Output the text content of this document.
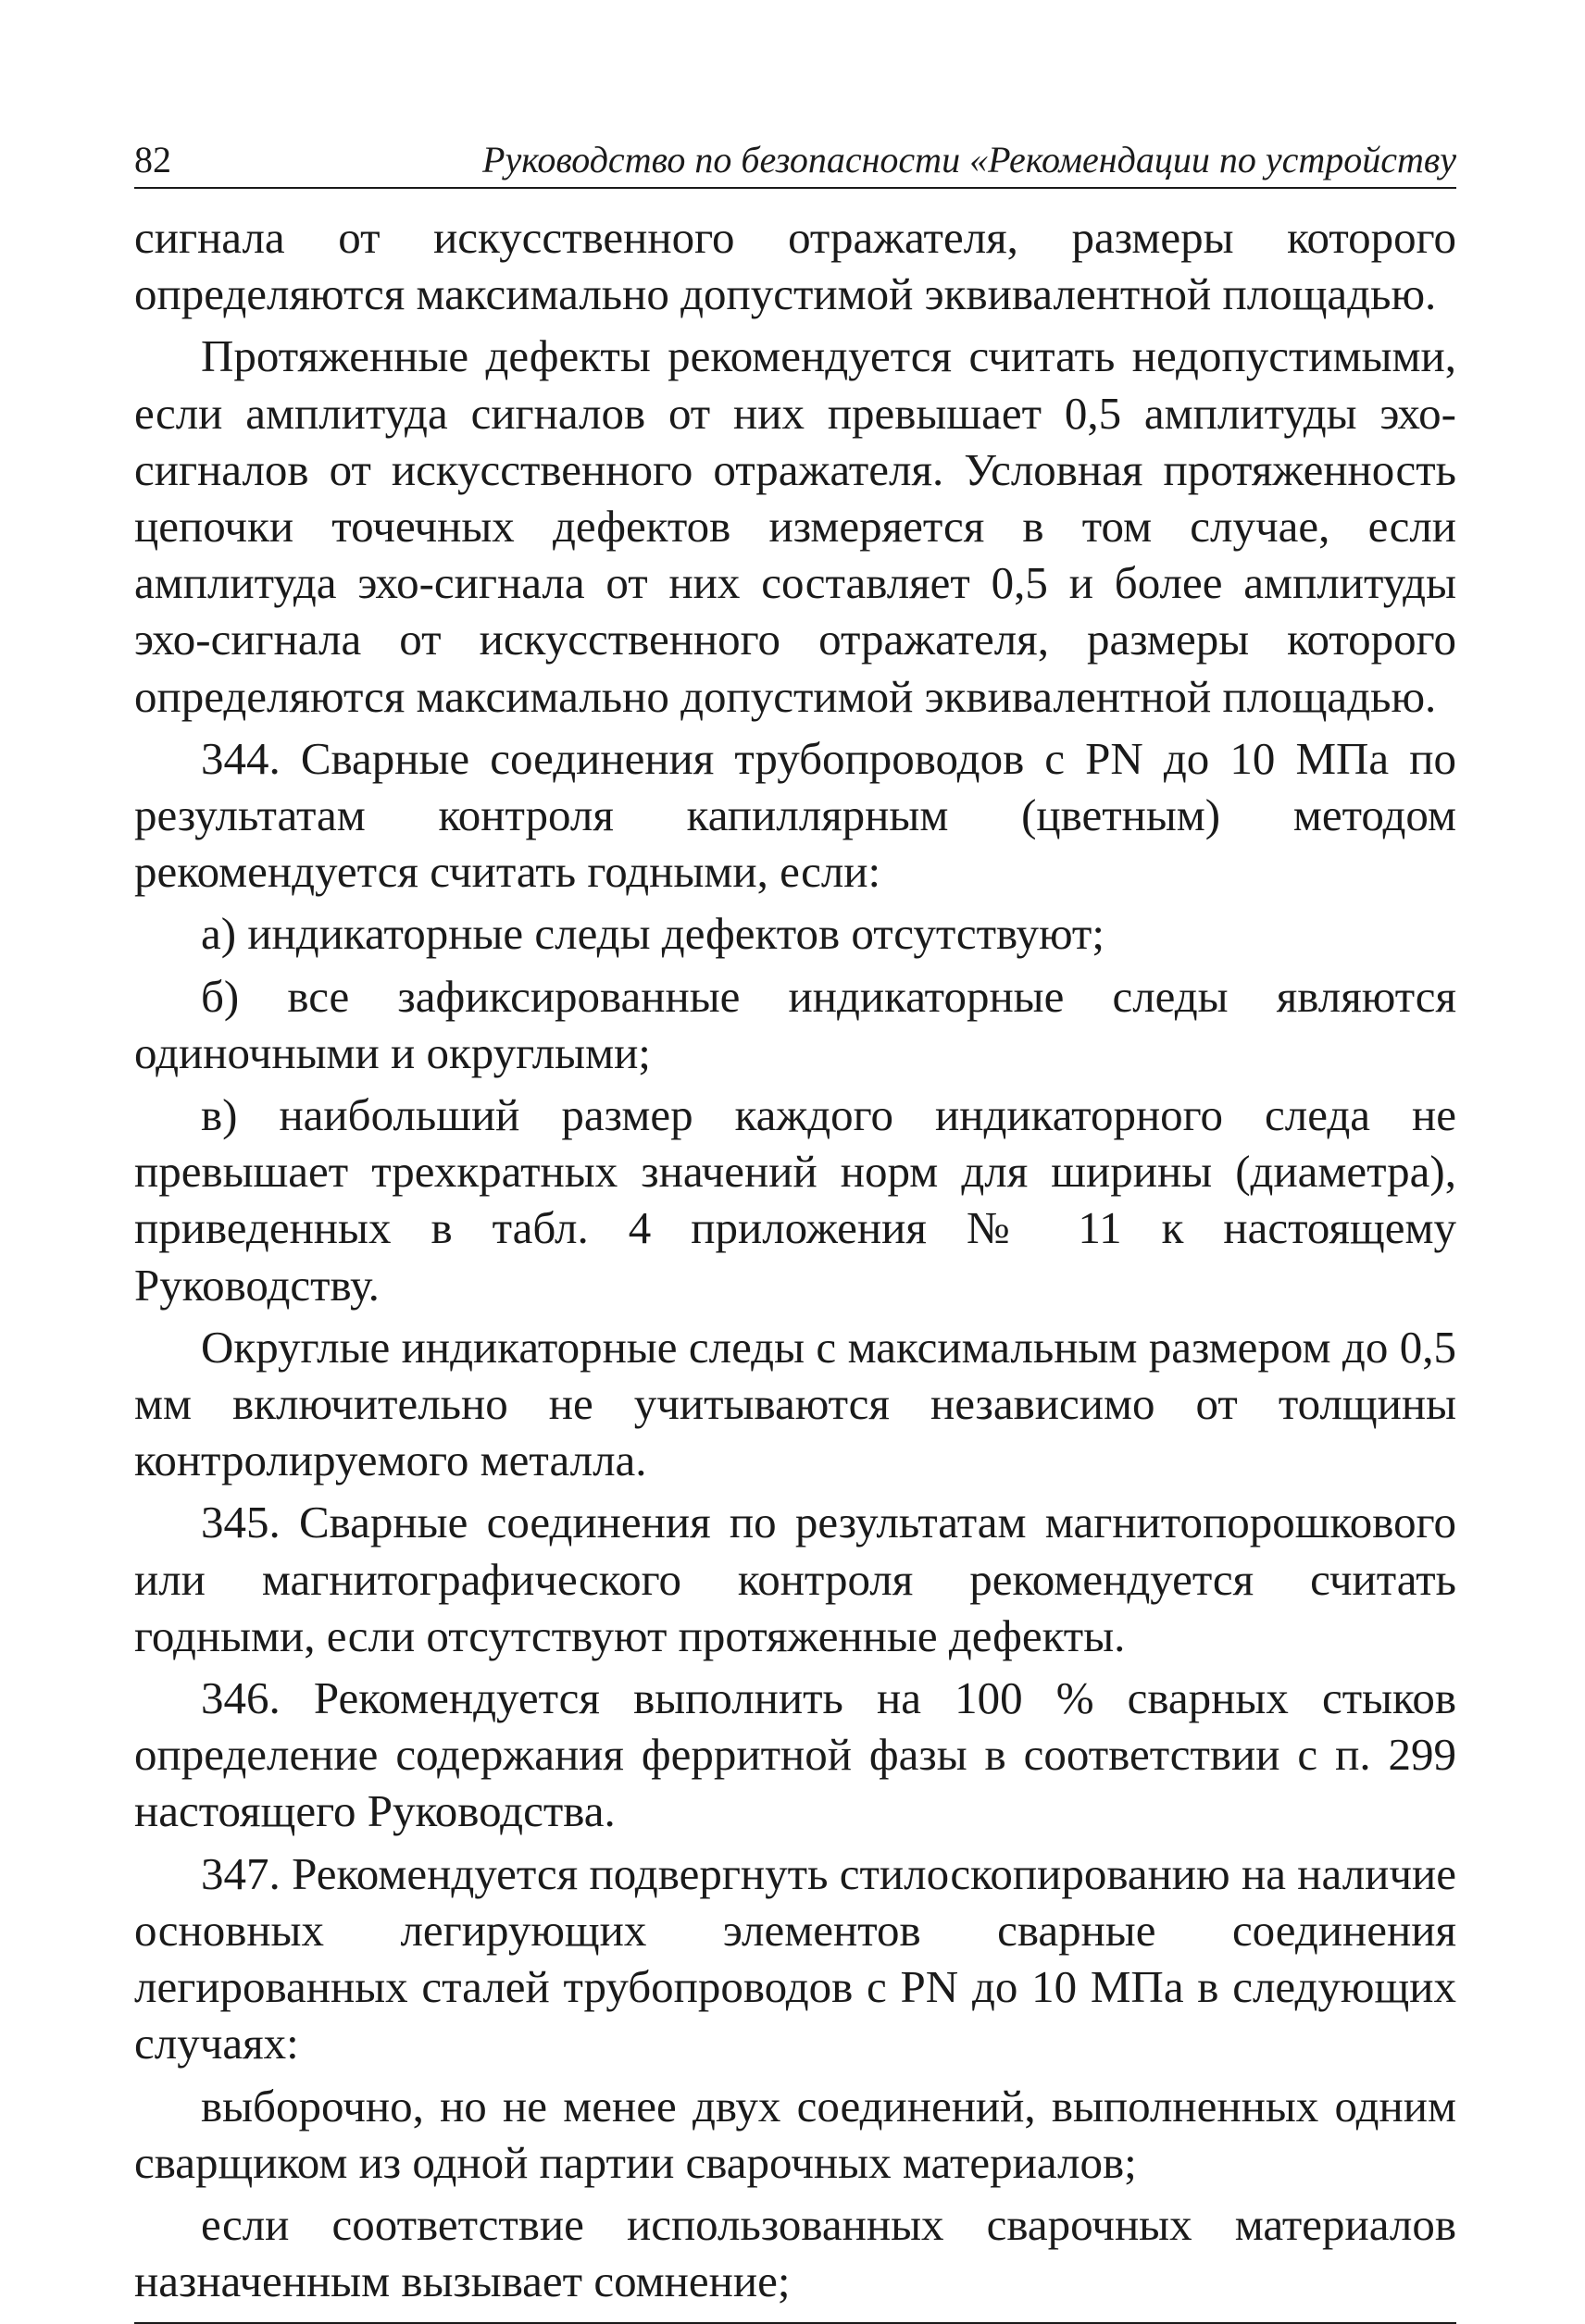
82	Руководство по безопасности «Рекомендации по устройству

сигнала от искусственного отражателя, размеры которого определяются максимально допустимой эквивалентной площадью.

Протяженные дефекты рекомендуется считать недопустимыми, если амплитуда сигналов от них превышает 0,5 амплитуды эхо-сигналов от искусственного отражателя. Условная протяженность цепочки точечных дефектов измеряется в том случае, если амплитуда эхо-сигнала от них составляет 0,5 и более амплитуды эхо-сигнала от искусственного отражателя, размеры которого определяются максимально допустимой эквивалентной площадью.

344. Сварные соединения трубопроводов с PN до 10 МПа по результатам контроля капиллярным (цветным) методом рекомендуется считать годными, если:

а) индикаторные следы дефектов отсутствуют;

б) все зафиксированные индикаторные следы являются одиночными и округлыми;

в) наибольший размер каждого индикаторного следа не превышает трехкратных значений норм для ширины (диаметра), приведенных в табл. 4 приложения № 11 к настоящему Руководству.

Округлые индикаторные следы с максимальным размером до 0,5 мм включительно не учитываются независимо от толщины контролируемого металла.

345. Сварные соединения по результатам магнитопорошкового или магнитографического контроля рекомендуется считать годными, если отсутствуют протяженные дефекты.

346. Рекомендуется выполнить на 100 % сварных стыков определение содержания ферритной фазы в соответствии с п. 299 настоящего Руководства.

347. Рекомендуется подвергнуть стилоскопированию на наличие основных легирующих элементов сварные соединения легированных сталей трубопроводов с PN до 10 МПа в следующих случаях:

выборочно, но не менее двух соединений, выполненных одним сварщиком из одной партии сварочных материалов;

если соответствие использованных сварочных материалов назначенным вызывает сомнение;
